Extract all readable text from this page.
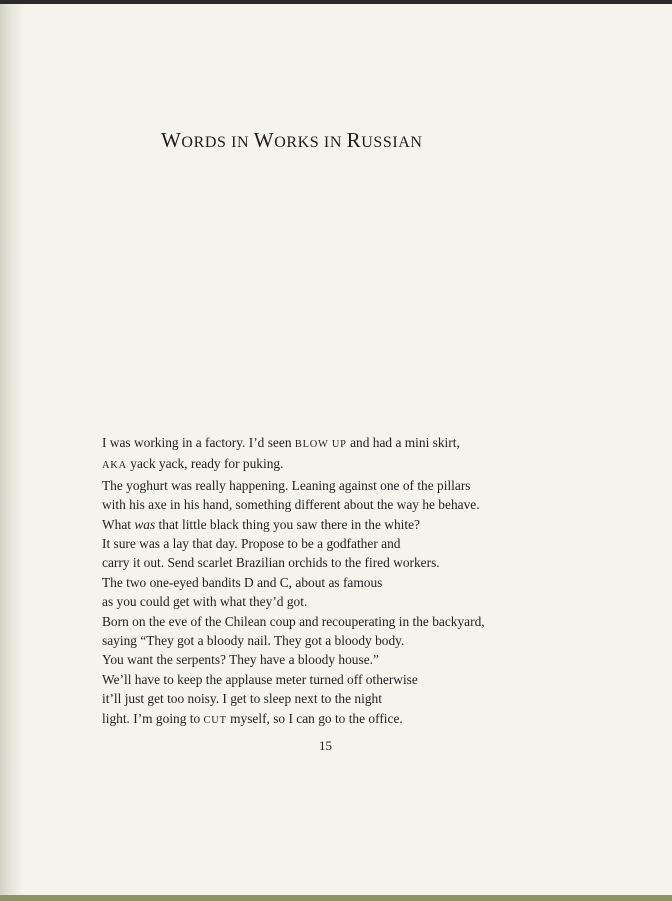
WORDS IN WORKS IN RUSSIAN
I was working in a factory. I’d seen BLOW UP and had a mini skirt,
AKA yack yack, ready for puking.
The yoghurt was really happening. Leaning against one of the pillars
with his axe in his hand, something different about the way he behave.
What was that little black thing you saw there in the white?
It sure was a lay that day. Propose to be a godfather and
carry it out. Send scarlet Brazilian orchids to the fired workers.
The two one-eyed bandits D and C, about as famous
as you could get with what they’d got.
Born on the eve of the Chilean coup and recouperating in the backyard,
saying “They got a bloody nail. They got a bloody body.
You want the serpents? They have a bloody house.”
We’ll have to keep the applause meter turned off otherwise
it’ll just get too noisy. I get to sleep next to the night
light. I’m going to CUT myself, so I can go to the office.
15
